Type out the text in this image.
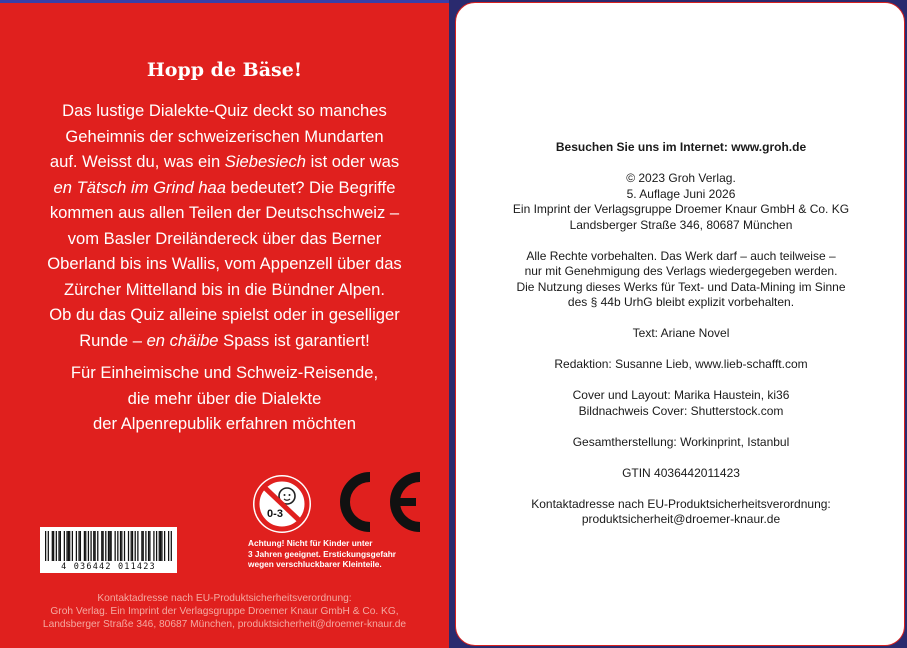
Hopp de Bäse!
Das lustige Dialekte-Quiz deckt so manches
Geheimnis der schweizerischen Mundarten
auf. Weisst du, was ein Siebesiech ist oder was
en Tätsch im Grind haa bedeutet? Die Begriffe
kommen aus allen Teilen der Deutschschweiz –
vom Basler Dreiländereck über das Berner
Oberland bis ins Wallis, vom Appenzell über das
Zürcher Mittelland bis in die Bündner Alpen.
Ob du das Quiz alleine spielst oder in geselliger
Runde – en chäibe Spass ist garantiert!
Für Einheimische und Schweiz-Reisende,
die mehr über die Dialekte
der Alpenrepublik erfahren möchten
4 036442 011423
0-3
Achtung! Nicht für Kinder unter
3 Jahren geeignet. Erstickungsgefahr
wegen verschluckbarer Kleinteile.
Kontaktadresse nach EU-Produktsicherheitsverordnung:
Groh Verlag. Ein Imprint der Verlagsgruppe Droemer Knaur GmbH & Co. KG,
Landsberger Straße 346, 80687 München, produktsicherheit@droemer-knaur.de
Besuchen Sie uns im Internet: www.groh.de
© 2023 Groh Verlag.
5. Auflage Juni 2026
Ein Imprint der Verlagsgruppe Droemer Knaur GmbH & Co. KG
Landsberger Straße 346, 80687 München
Alle Rechte vorbehalten. Das Werk darf – auch teilweise –
nur mit Genehmigung des Verlags wiedergegeben werden.
Die Nutzung dieses Werks für Text- und Data-Mining im Sinne
des § 44b UrhG bleibt explizit vorbehalten.
Text: Ariane Novel
Redaktion: Susanne Lieb, www.lieb-schafft.com
Cover und Layout: Marika Haustein, ki36
Bildnachweis Cover: Shutterstock.com
Gesamtherstellung: Workinprint, Istanbul
GTIN 4036442011423
Kontaktadresse nach EU-Produktsicherheitsverordnung:
produktsicherheit@droemer-knaur.de
